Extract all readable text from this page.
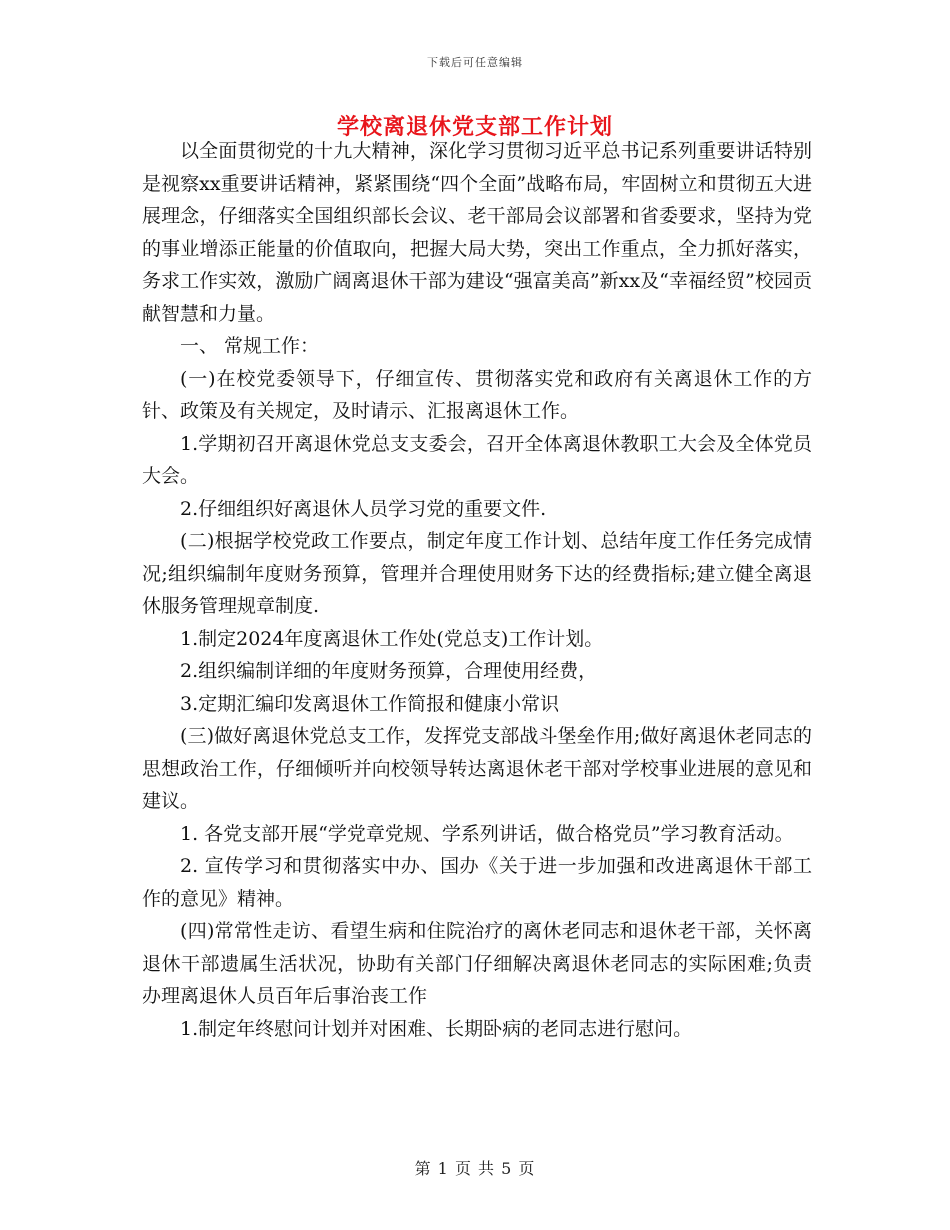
下载后可任意编辑
学校离退休党支部工作计划

以全面贯彻党的十九大精神，深化学习贯彻习近平总书记系列重要讲话特别是视察xx重要讲话精神，紧紧围绕“四个全面”战略布局，牢固树立和贯彻五大进展理念，仔细落实全国组织部长会议、老干部局会议部署和省委要求，坚持为党的事业增添正能量的价值取向，把握大局大势，突出工作重点，全力抓好落实，务求工作实效，激励广阔离退休干部为建设“强富美高”新xx及“幸福经贸”校园贡献智慧和力量。

一、 常规工作：

(一)在校党委领导下，仔细宣传、贯彻落实党和政府有关离退休工作的方针、政策及有关规定，及时请示、汇报离退休工作。

1.学期初召开离退休党总支支委会，召开全体离退休教职工大会及全体党员大会。

2.仔细组织好离退休人员学习党的重要文件.

(二)根据学校党政工作要点，制定年度工作计划、总结年度工作任务完成情况;组织编制年度财务预算，管理并合理使用财务下达的经费指标;建立健全离退休服务管理规章制度.

1.制定2024年度离退休工作处(党总支)工作计划。

2.组织编制详细的年度财务预算，合理使用经费，

3.定期汇编印发离退休工作简报和健康小常识

(三)做好离退休党总支工作，发挥党支部战斗堡垒作用;做好离退休老同志的思想政治工作，仔细倾听并向校领导转达离退休老干部对学校事业进展的意见和建议。

1. 各党支部开展“学党章党规、学系列讲话，做合格党员”学习教育活动。

2. 宣传学习和贯彻落实中办、国办《关于进一步加强和改进离退休干部工作的意见》精神。

(四)常常性走访、看望生病和住院治疗的离休老同志和退休老干部，关怀离退休干部遗属生活状况，协助有关部门仔细解决离退休老同志的实际困难;负责办理离退休人员百年后事治丧工作

1.制定年终慰问计划并对困难、长期卧病的老同志进行慰问。

第 1 页 共 5 页
